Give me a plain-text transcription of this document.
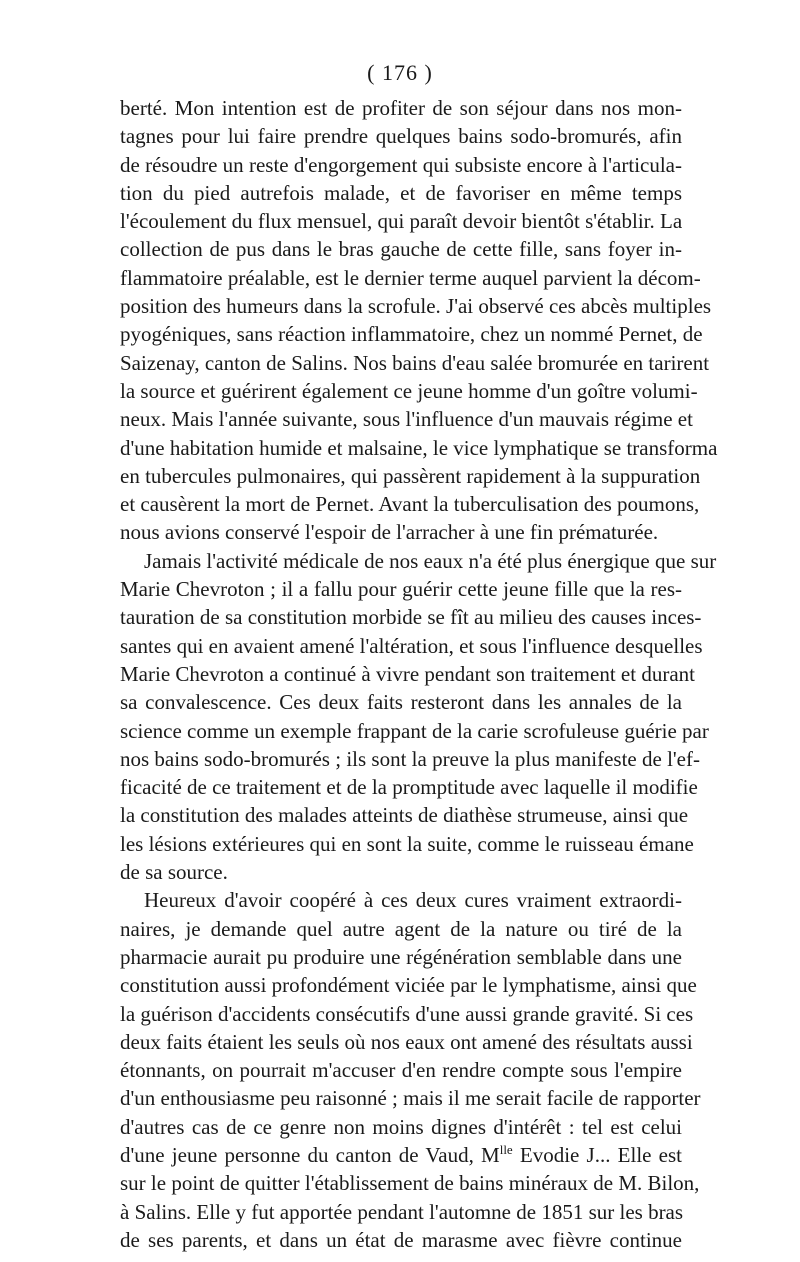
( 176 )
berté. Mon intention est de profiter de son séjour dans nos mon-
tagnes pour lui faire prendre quelques bains sodo-bromurés, afin
de résoudre un reste d'engorgement qui subsiste encore à l'articula-
tion du pied autrefois malade, et de favoriser en même temps
l'écoulement du flux mensuel, qui paraît devoir bientôt s'établir. La
collection de pus dans le bras gauche de cette fille, sans foyer in-
flammatoire préalable, est le dernier terme auquel parvient la décom-
position des humeurs dans la scrofule. J'ai observé ces abcès multiples
pyogéniques, sans réaction inflammatoire, chez un nommé Pernet, de
Saizenay, canton de Salins. Nos bains d'eau salée bromurée en tarirent
la source et guérirent également ce jeune homme d'un goître volumi-
neux. Mais l'année suivante, sous l'influence d'un mauvais régime et
d'une habitation humide et malsaine, le vice lymphatique se transforma
en tubercules pulmonaires, qui passèrent rapidement à la suppuration
et causèrent la mort de Pernet. Avant la tuberculisation des poumons,
nous avions conservé l'espoir de l'arracher à une fin prématurée.
Jamais l'activité médicale de nos eaux n'a été plus énergique que sur
Marie Chevroton ; il a fallu pour guérir cette jeune fille que la res-
tauration de sa constitution morbide se fît au milieu des causes inces-
santes qui en avaient amené l'altération, et sous l'influence desquelles
Marie Chevroton a continué à vivre pendant son traitement et durant
sa convalescence. Ces deux faits resteront dans les annales de la
science comme un exemple frappant de la carie scrofuleuse guérie par
nos bains sodo-bromurés ; ils sont la preuve la plus manifeste de l'ef-
ficacité de ce traitement et de la promptitude avec laquelle il modifie
la constitution des malades atteints de diathèse strumeuse, ainsi que
les lésions extérieures qui en sont la suite, comme le ruisseau émane
de sa source.
Heureux d'avoir coopéré à ces deux cures vraiment extraordi-
naires, je demande quel autre agent de la nature ou tiré de la
pharmacie aurait pu produire une régénération semblable dans une
constitution aussi profondément viciée par le lymphatisme, ainsi que
la guérison d'accidents consécutifs d'une aussi grande gravité. Si ces
deux faits étaient les seuls où nos eaux ont amené des résultats aussi
étonnants, on pourrait m'accuser d'en rendre compte sous l'empire
d'un enthousiasme peu raisonné ; mais il me serait facile de rapporter
d'autres cas de ce genre non moins dignes d'intérêt : tel est celui
d'une jeune personne du canton de Vaud, $M^{lle}$ Evodie J... Elle est
sur le point de quitter l'établissement de bains minéraux de M. Bilon,
à Salins. Elle y fut apportée pendant l'automne de 1851 sur les bras
de ses parents, et dans un état de marasme avec fièvre continue
